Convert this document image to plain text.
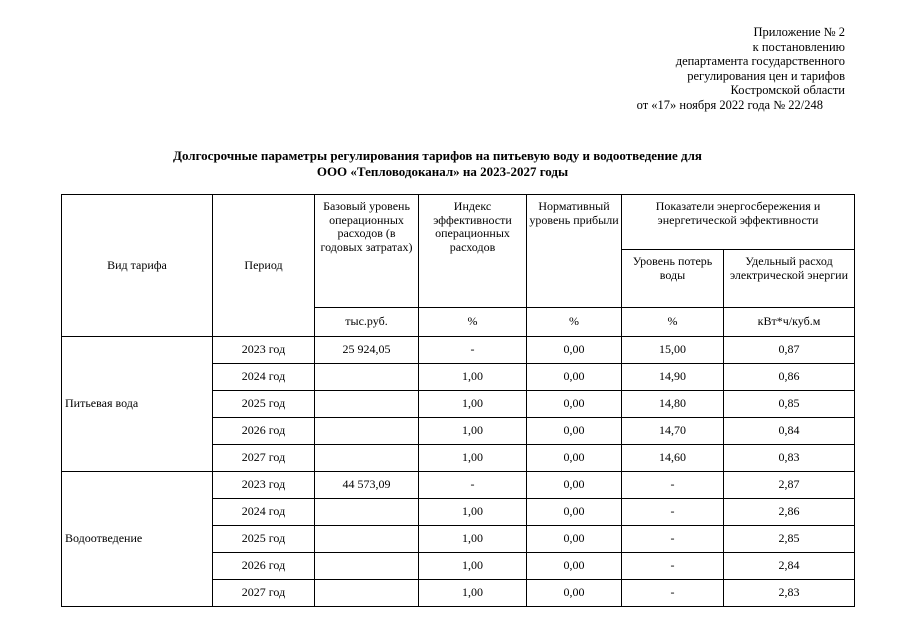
Приложение № 2
к постановлению
департамента государственного
регулирования цен и тарифов
Костромской области
от «17» ноября 2022 года № 22/248
Долгосрочные параметры регулирования тарифов на питьевую воду и водоотведение для
ООО «Тепловодоканал» на 2023-2027 годы
Вид тарифа	Период	Базовый уровень операционных расходов (в годовых затратах)	Индекс эффективности операционных расходов	Нормативный уровень прибыли	Показатели энергосбережения и энергетической эффективности	
					Уровень потерь воды	Удельный расход электрической энергии
		тыс.руб.	%	%	%	кВт*ч/куб.м
Питьевая вода	2023 год	25 924,05	-	0,00	15,00	0,87
	2024 год		1,00	0,00	14,90	0,86
	2025 год		1,00	0,00	14,80	0,85
	2026 год		1,00	0,00	14,70	0,84
	2027 год		1,00	0,00	14,60	0,83
Водоотведение	2023 год	44 573,09	-	0,00	-	2,87
	2024 год		1,00	0,00	-	2,86
	2025 год		1,00	0,00	-	2,85
	2026 год		1,00	0,00	-	2,84
	2027 год		1,00	0,00	-	2,83
